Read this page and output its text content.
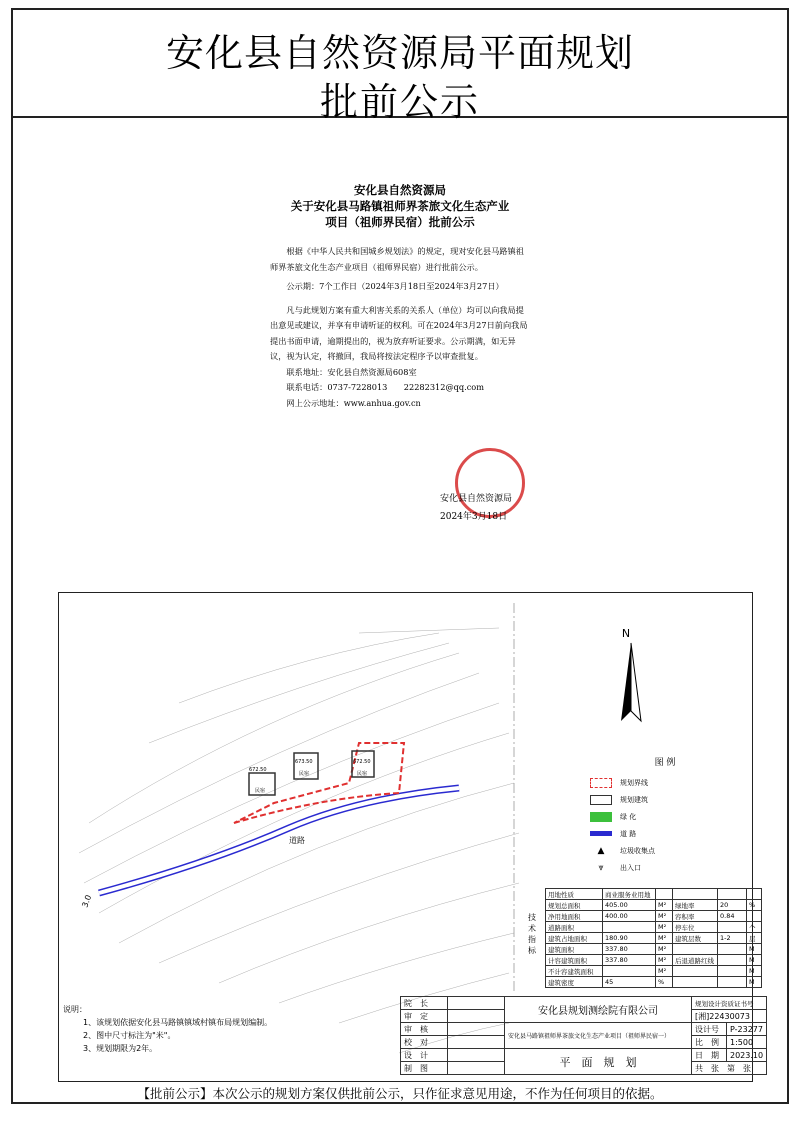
安化县自然资源局平面规划
批前公示
安化县自然资源局
关于安化县马路镇祖师界茶旅文化生态产业
项目（祖师界民宿）批前公示

根据《中华人民共和国城乡规划法》的规定，现对安化县马路镇祖师界茶旅文化生态产业项目（祖师界民宿）进行批前公示。

公示期：7个工作日（2024年3月18日至2024年3月27日）

凡与此规划方案有重大利害关系的关系人（单位）均可以向我局提出意见或建议，并享有申请听证的权利。可在2024年3月27日前向我局提出书面申请，逾期提出的，视为放弃听证要求。公示期满，如无异议，视为认定，将撤回，我局将按法定程序予以审查批复。

联系地址：安化县自然资源局608室

联系电话：0737-7228013　　22282312@qq.com

网上公示地址：www.anhua.gov.cn

安化县自然资源局
2024年3月18日
道路
民宿
672.50
民宿
673.50
民宿
672.50
3.0
N
图 例
规划界线
规划建筑
绿 化
道 路
▲	垃圾收集点
⩔	出入口
技术指标
用地性质	商业服务业用地				
规划总面积	405.00	M²	绿地率	20	%
净用地面积	400.00	M²	容积率	0.84	
道路面积		M²	停车位		个
建筑占地面积	180.90	M²	建筑层数	1-2	层
建筑面积	337.80	M²			M
计容建筑面积	337.80	M²	后退道路红线		M
不计容建筑面积		M²			M
建筑密度	45	%			M
说明：
1、该规划依据安化县马路镇镇域村镇布局规划编制。
2、图中尺寸标注为"米"。
3、规划期限为2年。
院　长		安化县规划测绘院有限公司	规划设计资质证书号	
审　定			[湘]22430073	
审　核		安化县马路镇祖师界茶旅文化生态产业项目（祖师界民宿一）	设计号	P-23277
校　对			比　例	1:500
设　计		平　面　规　划	日　期	2023.10
制　图			共　张　第　张	
【批前公示】本次公示的规划方案仅供批前公示，只作征求意见用途，不作为任何项目的依据。
